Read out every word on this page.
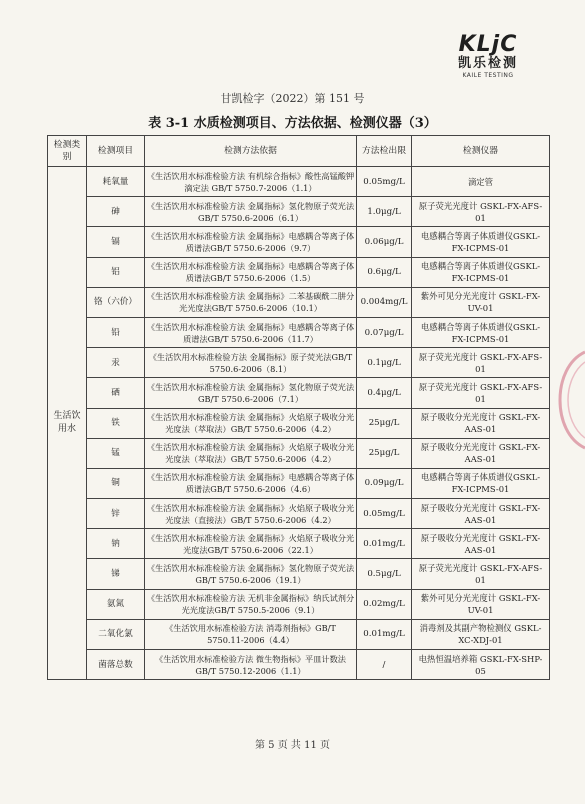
KLjC
凯乐检测
KAILE TESTING
甘凯检字（2022）第 151 号
表 3-1 水质检测项目、方法依据、检测仪器（3）
检测类别	检测项目	检测方法依据	方法检出限	检测仪器
生活饮用水	耗氧量	《生活饮用水标准检验方法 有机综合指标》酸性高锰酸钾滴定法 GB/T 5750.7-2006（1.1）	0.05mg/L	滴定管
	砷	《生活饮用水标准检验方法 金属指标》氢化物原子荧光法GB/T 5750.6-2006（6.1）	1.0μg/L	原子荧光光度计 GSKL-FX-AFS-01
	镉	《生活饮用水标准检验方法 金属指标》电感耦合等离子体质谱法GB/T 5750.6-2006（9.7）	0.06μg/L	电感耦合等离子体质谱仪GSKL-FX-ICPMS-01
	铝	《生活饮用水标准检验方法 金属指标》电感耦合等离子体质谱法GB/T 5750.6-2006（1.5）	0.6μg/L	电感耦合等离子体质谱仪GSKL-FX-ICPMS-01
	铬（六价）	《生活饮用水标准检验方法 金属指标》二苯基碳酰二肼分光光度法GB/T 5750.6-2006（10.1）	0.004mg/L	紫外可见分光光度计 GSKL-FX-UV-01
	铅	《生活饮用水标准检验方法 金属指标》电感耦合等离子体质谱法GB/T 5750.6-2006（11.7）	0.07μg/L	电感耦合等离子体质谱仪GSKL-FX-ICPMS-01
	汞	《生活饮用水标准检验方法 金属指标》原子荧光法GB/T 5750.6-2006（8.1）	0.1μg/L	原子荧光光度计 GSKL-FX-AFS-01
	硒	《生活饮用水标准检验方法 金属指标》氢化物原子荧光法GB/T 5750.6-2006（7.1）	0.4μg/L	原子荧光光度计 GSKL-FX-AFS-01
	铁	《生活饮用水标准检验方法 金属指标》火焰原子吸收分光光度法（萃取法）GB/T 5750.6-2006（4.2）	25μg/L	原子吸收分光光度计 GSKL-FX-AAS-01
	锰	《生活饮用水标准检验方法 金属指标》火焰原子吸收分光光度法（萃取法）GB/T 5750.6-2006（4.2）	25μg/L	原子吸收分光光度计 GSKL-FX-AAS-01
	铜	《生活饮用水标准检验方法 金属指标》电感耦合等离子体质谱法GB/T 5750.6-2006（4.6）	0.09μg/L	电感耦合等离子体质谱仪GSKL-FX-ICPMS-01
	锌	《生活饮用水标准检验方法 金属指标》火焰原子吸收分光光度法（直接法）GB/T 5750.6-2006（4.2）	0.05mg/L	原子吸收分光光度计 GSKL-FX-AAS-01
	钠	《生活饮用水标准检验方法 金属指标》火焰原子吸收分光光度法GB/T 5750.6-2006（22.1）	0.01mg/L	原子吸收分光光度计 GSKL-FX-AAS-01
	锑	《生活饮用水标准检验方法 金属指标》氢化物原子荧光法GB/T 5750.6-2006（19.1）	0.5μg/L	原子荧光光度计 GSKL-FX-AFS-01
	氨氮	《生活饮用水标准检验方法 无机非金属指标》纳氏试剂分光光度法GB/T 5750.5-2006（9.1）	0.02mg/L	紫外可见分光光度计 GSKL-FX-UV-01
	二氧化氯	《生活饮用水标准检验方法 消毒剂指标》GB/T 5750.11-2006（4.4）	0.01mg/L	消毒剂及其副产物检测仪 GSKL-XC-XDJ-01
	菌落总数	《生活饮用水标准检验方法 微生物指标》平皿计数法GB/T 5750.12-2006（1.1）	/	电热恒温培养箱 GSKL-FX-SHP-05
第 5 页 共 11 页
